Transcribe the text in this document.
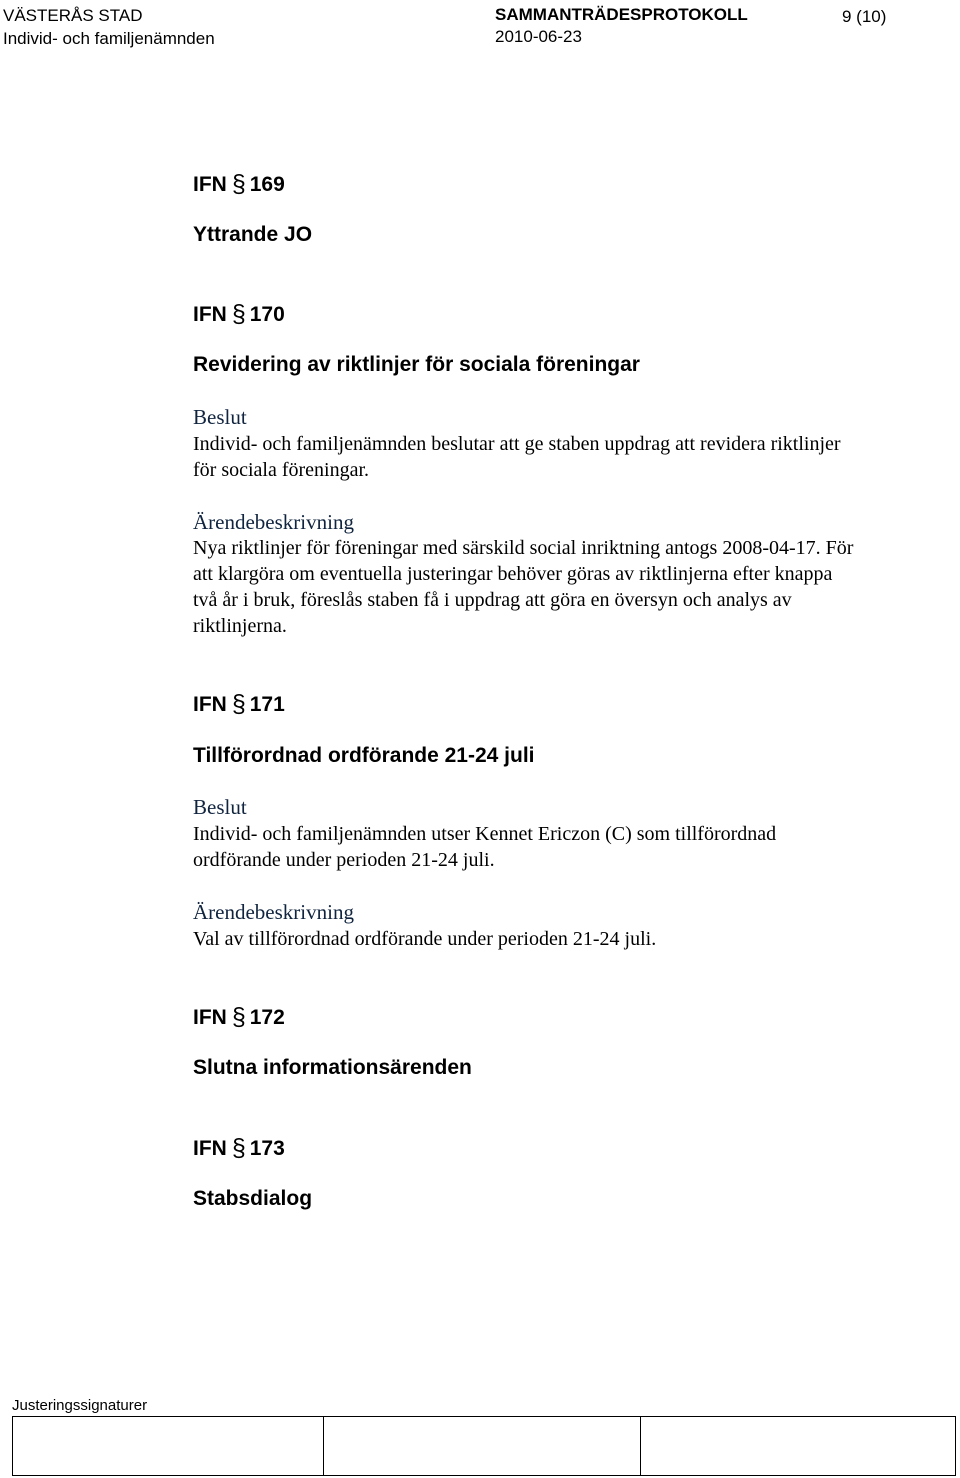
VÄSTERÅS STAD
Individ- och familjenämnden
SAMMANTRÄDESPROTOKOLL
2010-06-23
9 (10)
IFN § 169
Yttrande JO
IFN § 170
Revidering av riktlinjer för sociala föreningar
Beslut
Individ- och familjenämnden beslutar att ge staben uppdrag att revidera riktlinjer
för sociala föreningar.
Ärendebeskrivning
Nya riktlinjer för föreningar med särskild social inriktning antogs 2008-04-17. För
att klargöra om eventuella justeringar behöver göras av riktlinjerna efter knappa
två år i bruk, föreslås staben få i uppdrag att göra en översyn och analys av
riktlinjerna.
IFN § 171
Tillförordnad ordförande 21-24 juli
Beslut
Individ- och familjenämnden utser Kennet Ericzon (C) som tillförordnad
ordförande under perioden 21-24 juli.
Ärendebeskrivning
Val av tillförordnad ordförande under perioden 21-24 juli.
IFN § 172
Slutna informationsärenden
IFN § 173
Stabsdialog
Justeringssignaturer
